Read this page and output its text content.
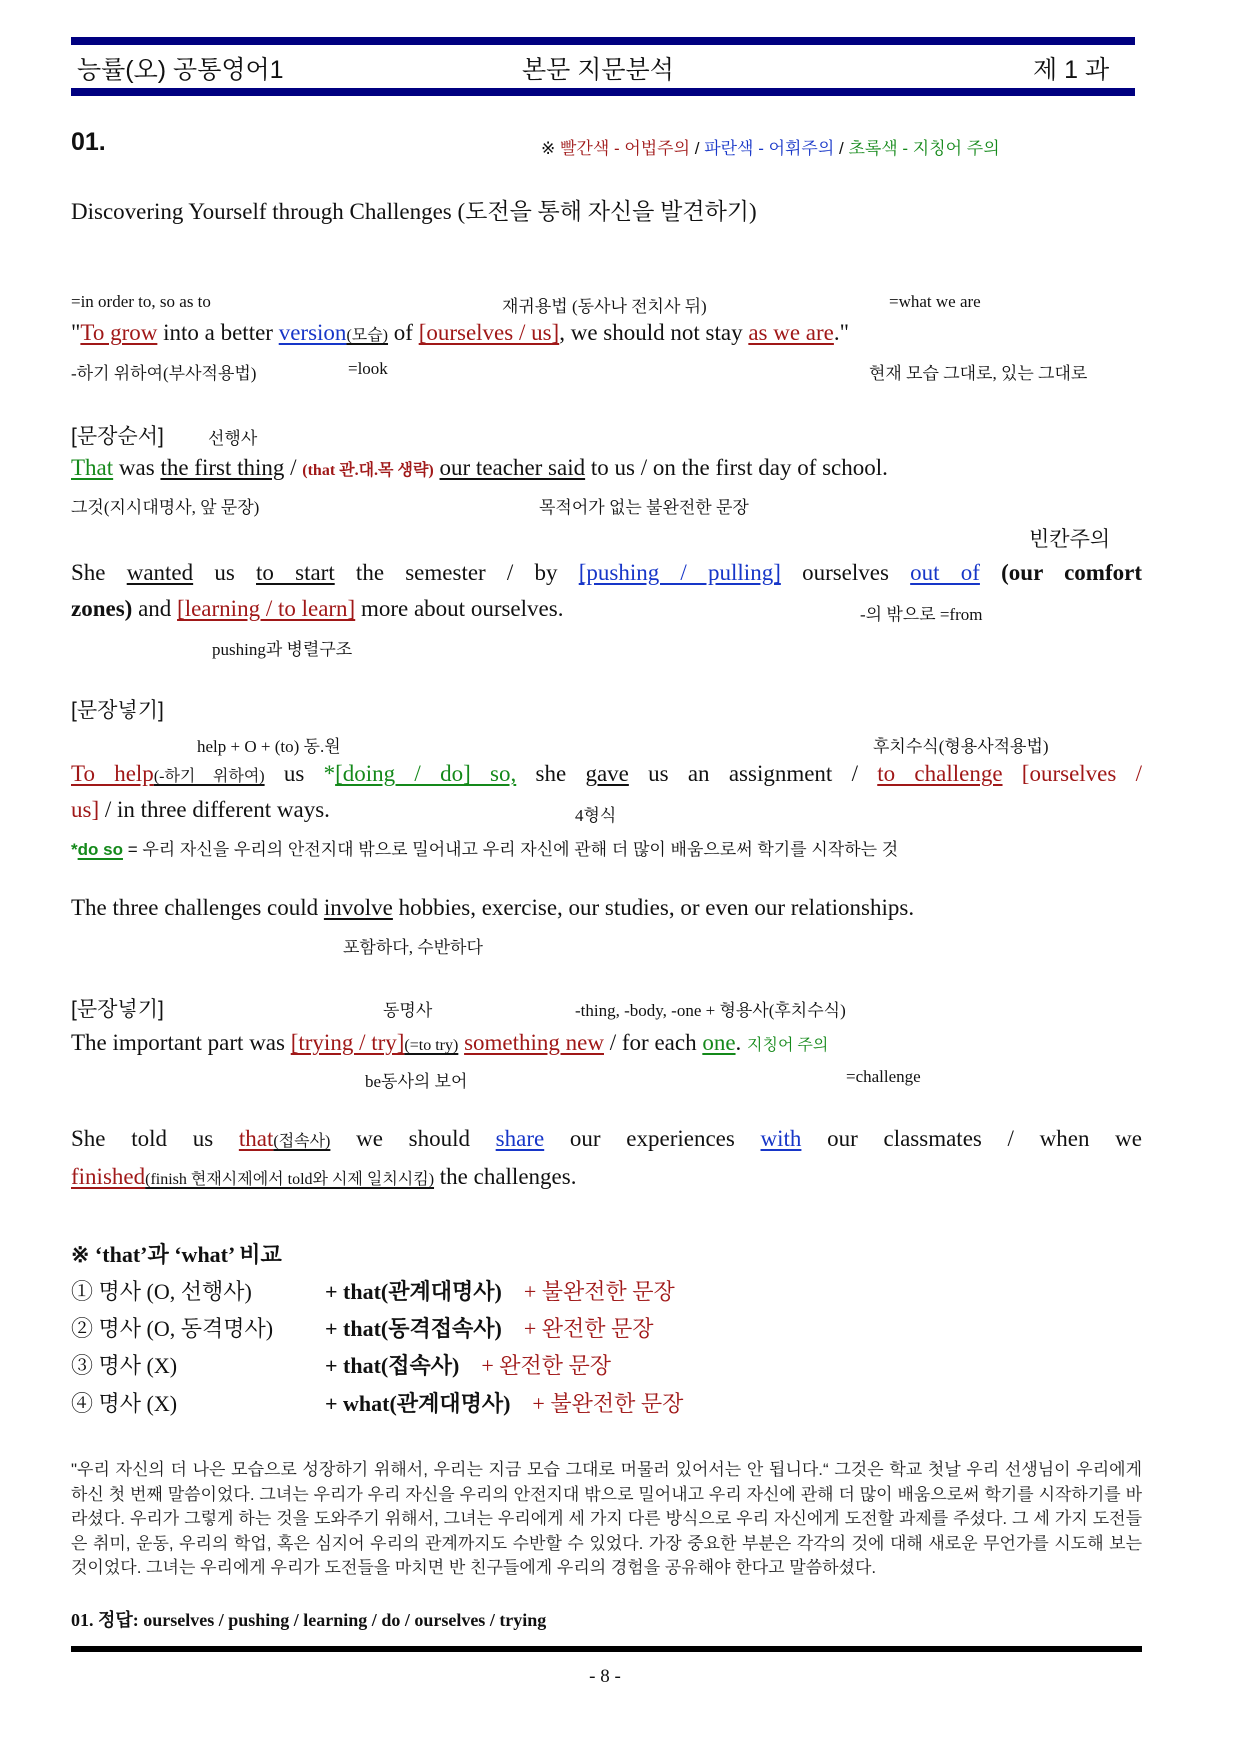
능률(오) 공통영어1	본문 지문분석	제 1 과
01.	※ 빨간색 - 어법주의 / 파란색 - 어휘주의 / 초록색 - 지칭어 주의
Discovering Yourself through Challenges (도전을 통해 자신을 발견하기)
=in order to, so as to	재귀용법 (동사나 전치사 뒤)	=what we are
"To grow into a better version(모습) of [ourselves / us], we should not stay as we are."
-하기 위하여(부사적용법)	=look	현재 모습 그대로, 있는 그대로
[문장순서]	선행사
That was the first thing / (that 관.대.목 생략) our teacher said to us / on the first day of school.
그것(지시대명사, 앞 문장)	목적어가 없는 불완전한 문장
빈칸주의
She wanted us to start the semester / by [pushing / pulling] ourselves out of (our comfort
zones) and [learning / to learn] more about ourselves.	-의 밖으로 =from
pushing과 병렬구조
[문장넣기]
help + O + (to) 동.원	후치수식(형용사적용법)
To help(-하기 위하여) us *[doing / do] so, she gave us an assignment / to challenge [ourselves /
us] / in three different ways.	4형식
*do so = 우리 자신을 우리의 안전지대 밖으로 밀어내고 우리 자신에 관해 더 많이 배움으로써 학기를 시작하는 것
The three challenges could involve hobbies, exercise, our studies, or even our relationships.
포함하다, 수반하다
[문장넣기]	동명사	-thing, -body, -one + 형용사(후치수식)
The important part was [trying / try](=to try) something new / for each one. 지칭어 주의
be동사의 보어	=challenge
She told us that(접속사) we should share our experiences with our classmates / when we
finished(finish 현재시제에서 told와 시제 일치시킴) the challenges.
※ ‘that’과 ‘what’ 비교
① 명사 (O, 선행사)	+ that(관계대명사) + 불완전한 문장
② 명사 (O, 동격명사) + that(동격접속사) + 완전한 문장
③ 명사 (X)	+ that(접속사) + 완전한 문장
④ 명사 (X)	+ what(관계대명사) + 불완전한 문장
"우리 자신의 더 나은 모습으로 성장하기 위해서, 우리는 지금 모습 그대로 머물러 있어서는 안 됩니다.“ 그것은 학교 첫날 우리 선생님이 우리에게 하신 첫 번째 말씀이었다. 그녀는 우리가 우리 자신을 우리의 안전지대 밖으로 밀어내고 우리 자신에 관해 더 많이 배움으로써 학기를 시작하기를 바라셨다. 우리가 그렇게 하는 것을 도와주기 위해서, 그녀는 우리에게 세 가지 다른 방식으로 우리 자신에게 도전할 과제를 주셨다. 그 세 가지 도전들은 취미, 운동, 우리의 학업, 혹은 심지어 우리의 관계까지도 수반할 수 있었다. 가장 중요한 부분은 각각의 것에 대해 새로운 무언가를 시도해 보는 것이었다. 그녀는 우리에게 우리가 도전들을 마치면 반 친구들에게 우리의 경험을 공유해야 한다고 말씀하셨다.
01. 정답: ourselves / pushing / learning / do / ourselves / trying
- 8 -
